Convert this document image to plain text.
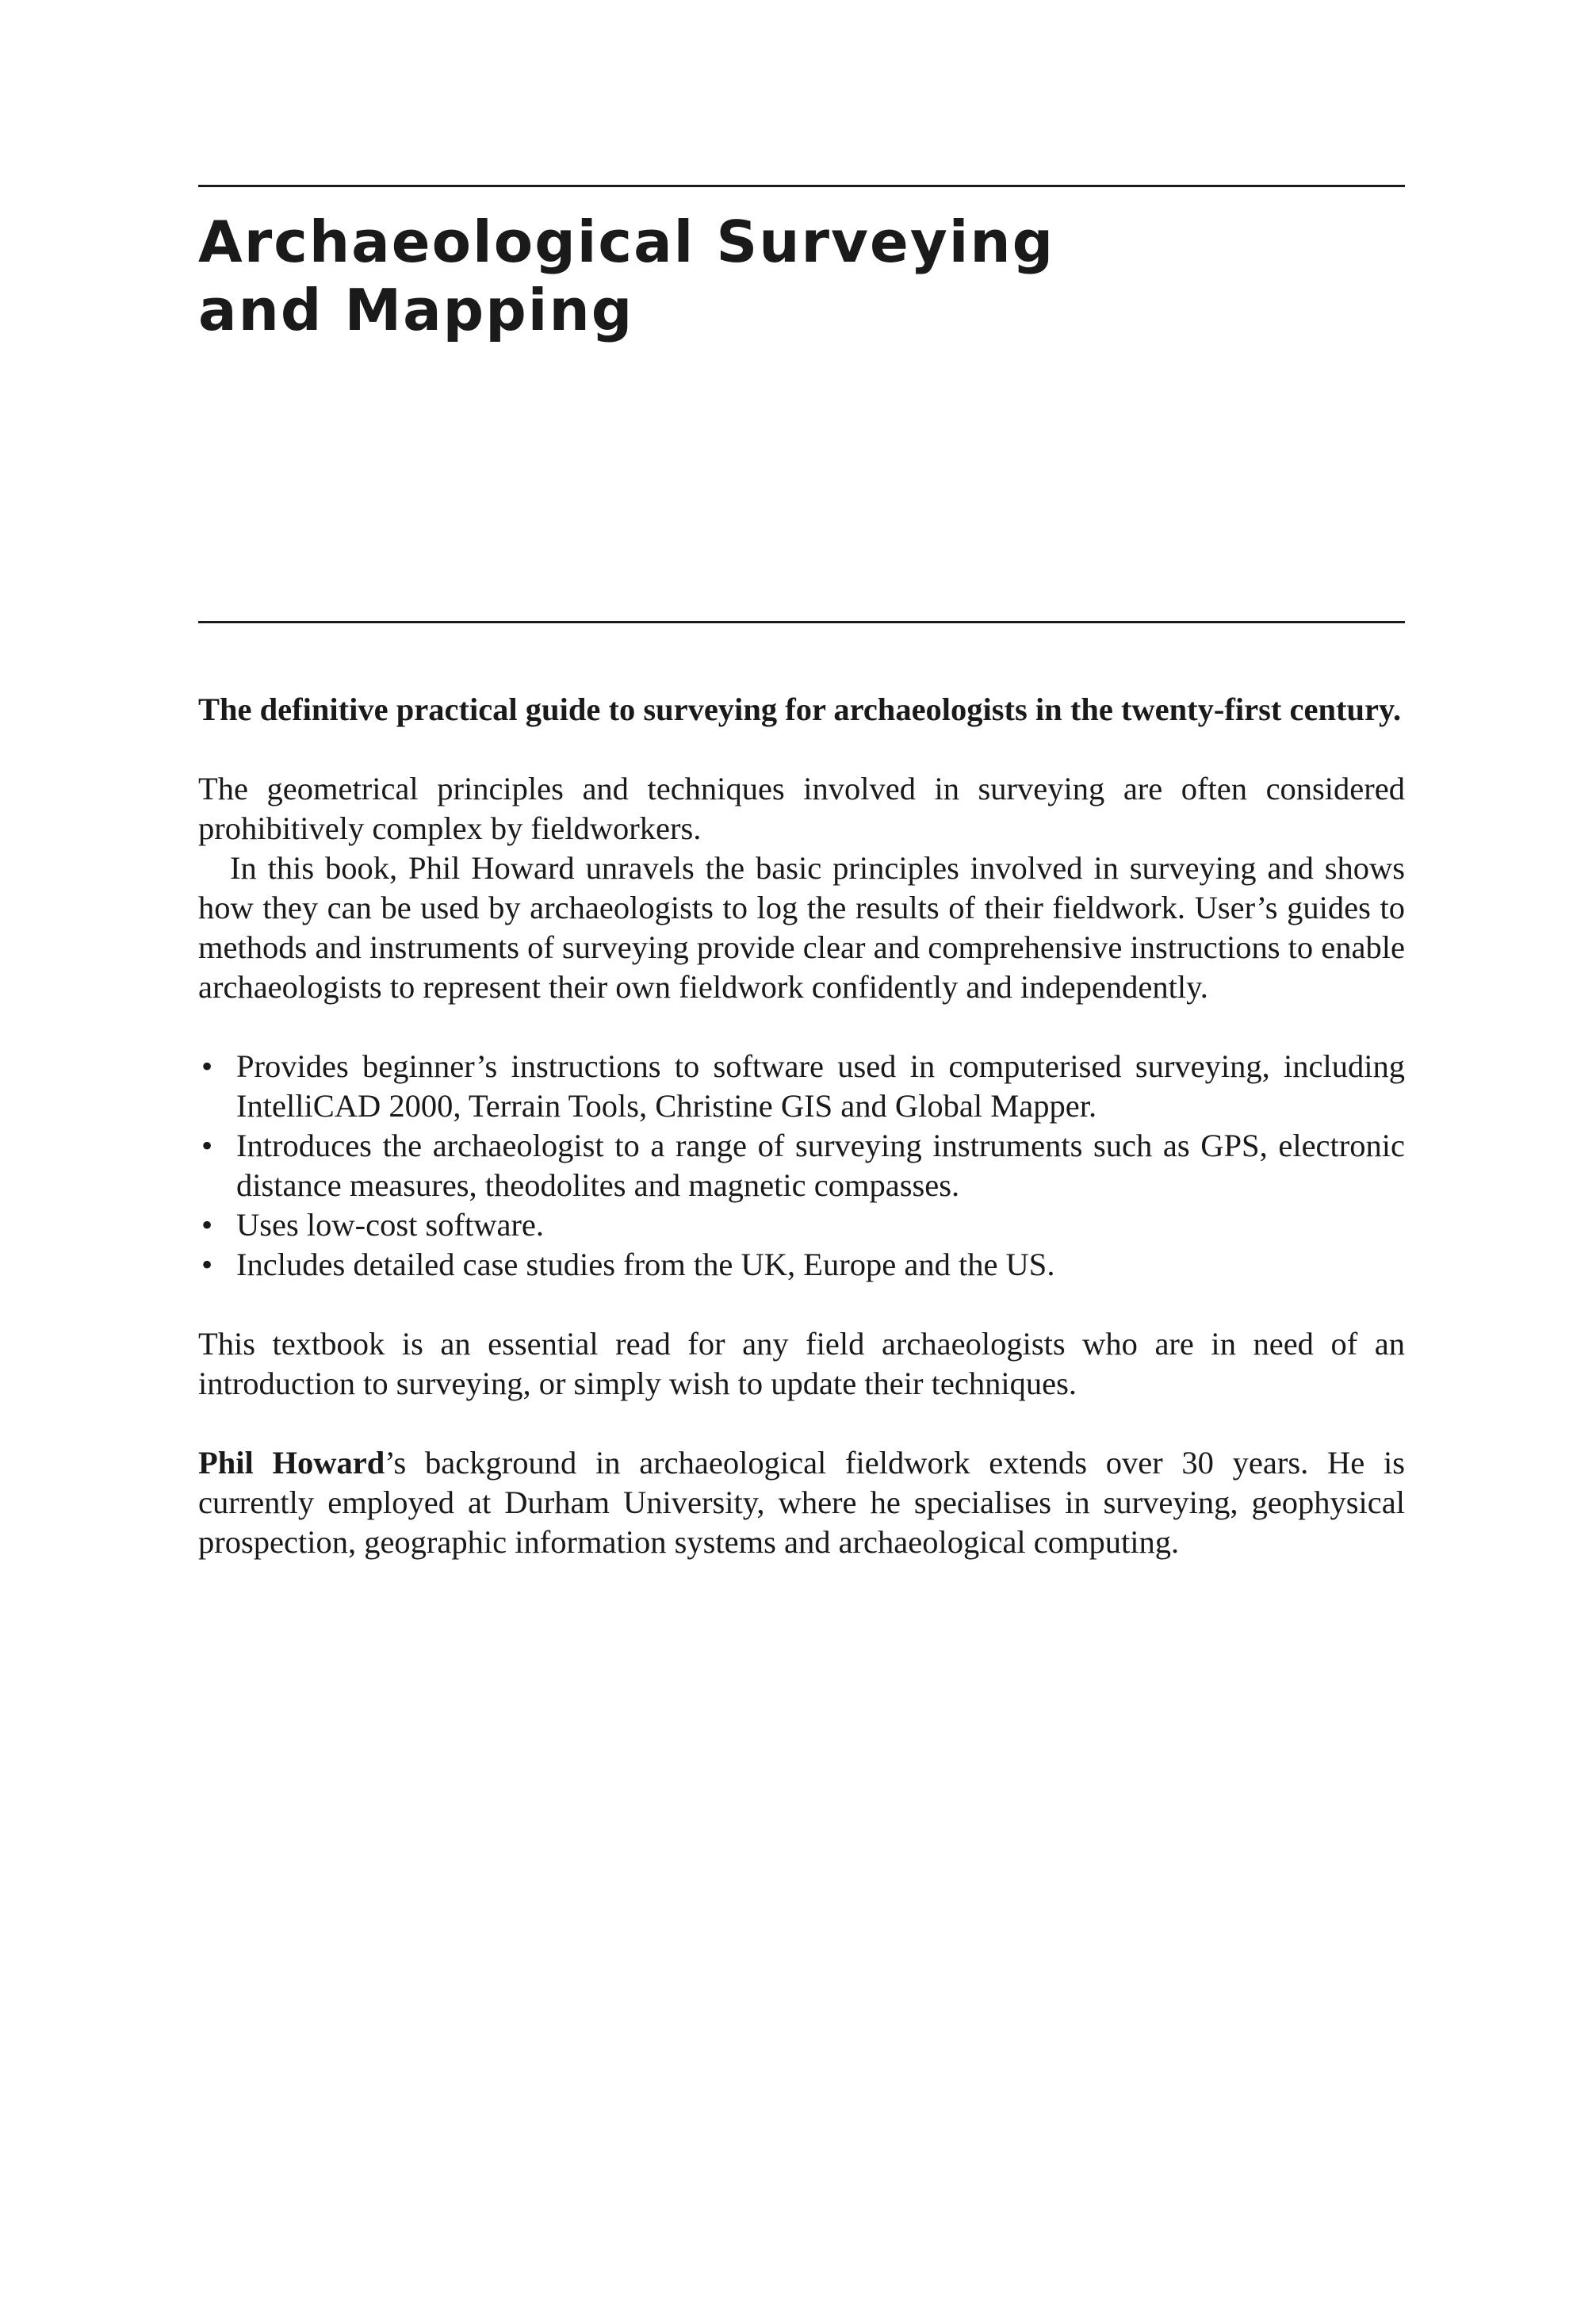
Archaeological Surveying
and Mapping

The definitive practical guide to surveying for archaeologists in the twenty-first century.

The geometrical principles and techniques involved in surveying are often considered prohibitively complex by fieldworkers.

In this book, Phil Howard unravels the basic principles involved in surveying and shows how they can be used by archaeologists to log the results of their fieldwork. User’s guides to methods and instruments of surveying provide clear and comprehensive instructions to enable archaeologists to represent their own fieldwork confidently and independently.

• Provides beginner’s instructions to software used in computerised surveying, including IntelliCAD 2000, Terrain Tools, Christine GIS and Global Mapper.
• Introduces the archaeologist to a range of surveying instruments such as GPS, electronic distance measures, theodolites and magnetic compasses.
• Uses low-cost software.
• Includes detailed case studies from the UK, Europe and the US.

This textbook is an essential read for any field archaeologists who are in need of an introduction to surveying, or simply wish to update their techniques.

Phil Howard’s background in archaeological fieldwork extends over 30 years. He is currently employed at Durham University, where he specialises in surveying, geophysical prospection, geographic information systems and archaeological computing.
